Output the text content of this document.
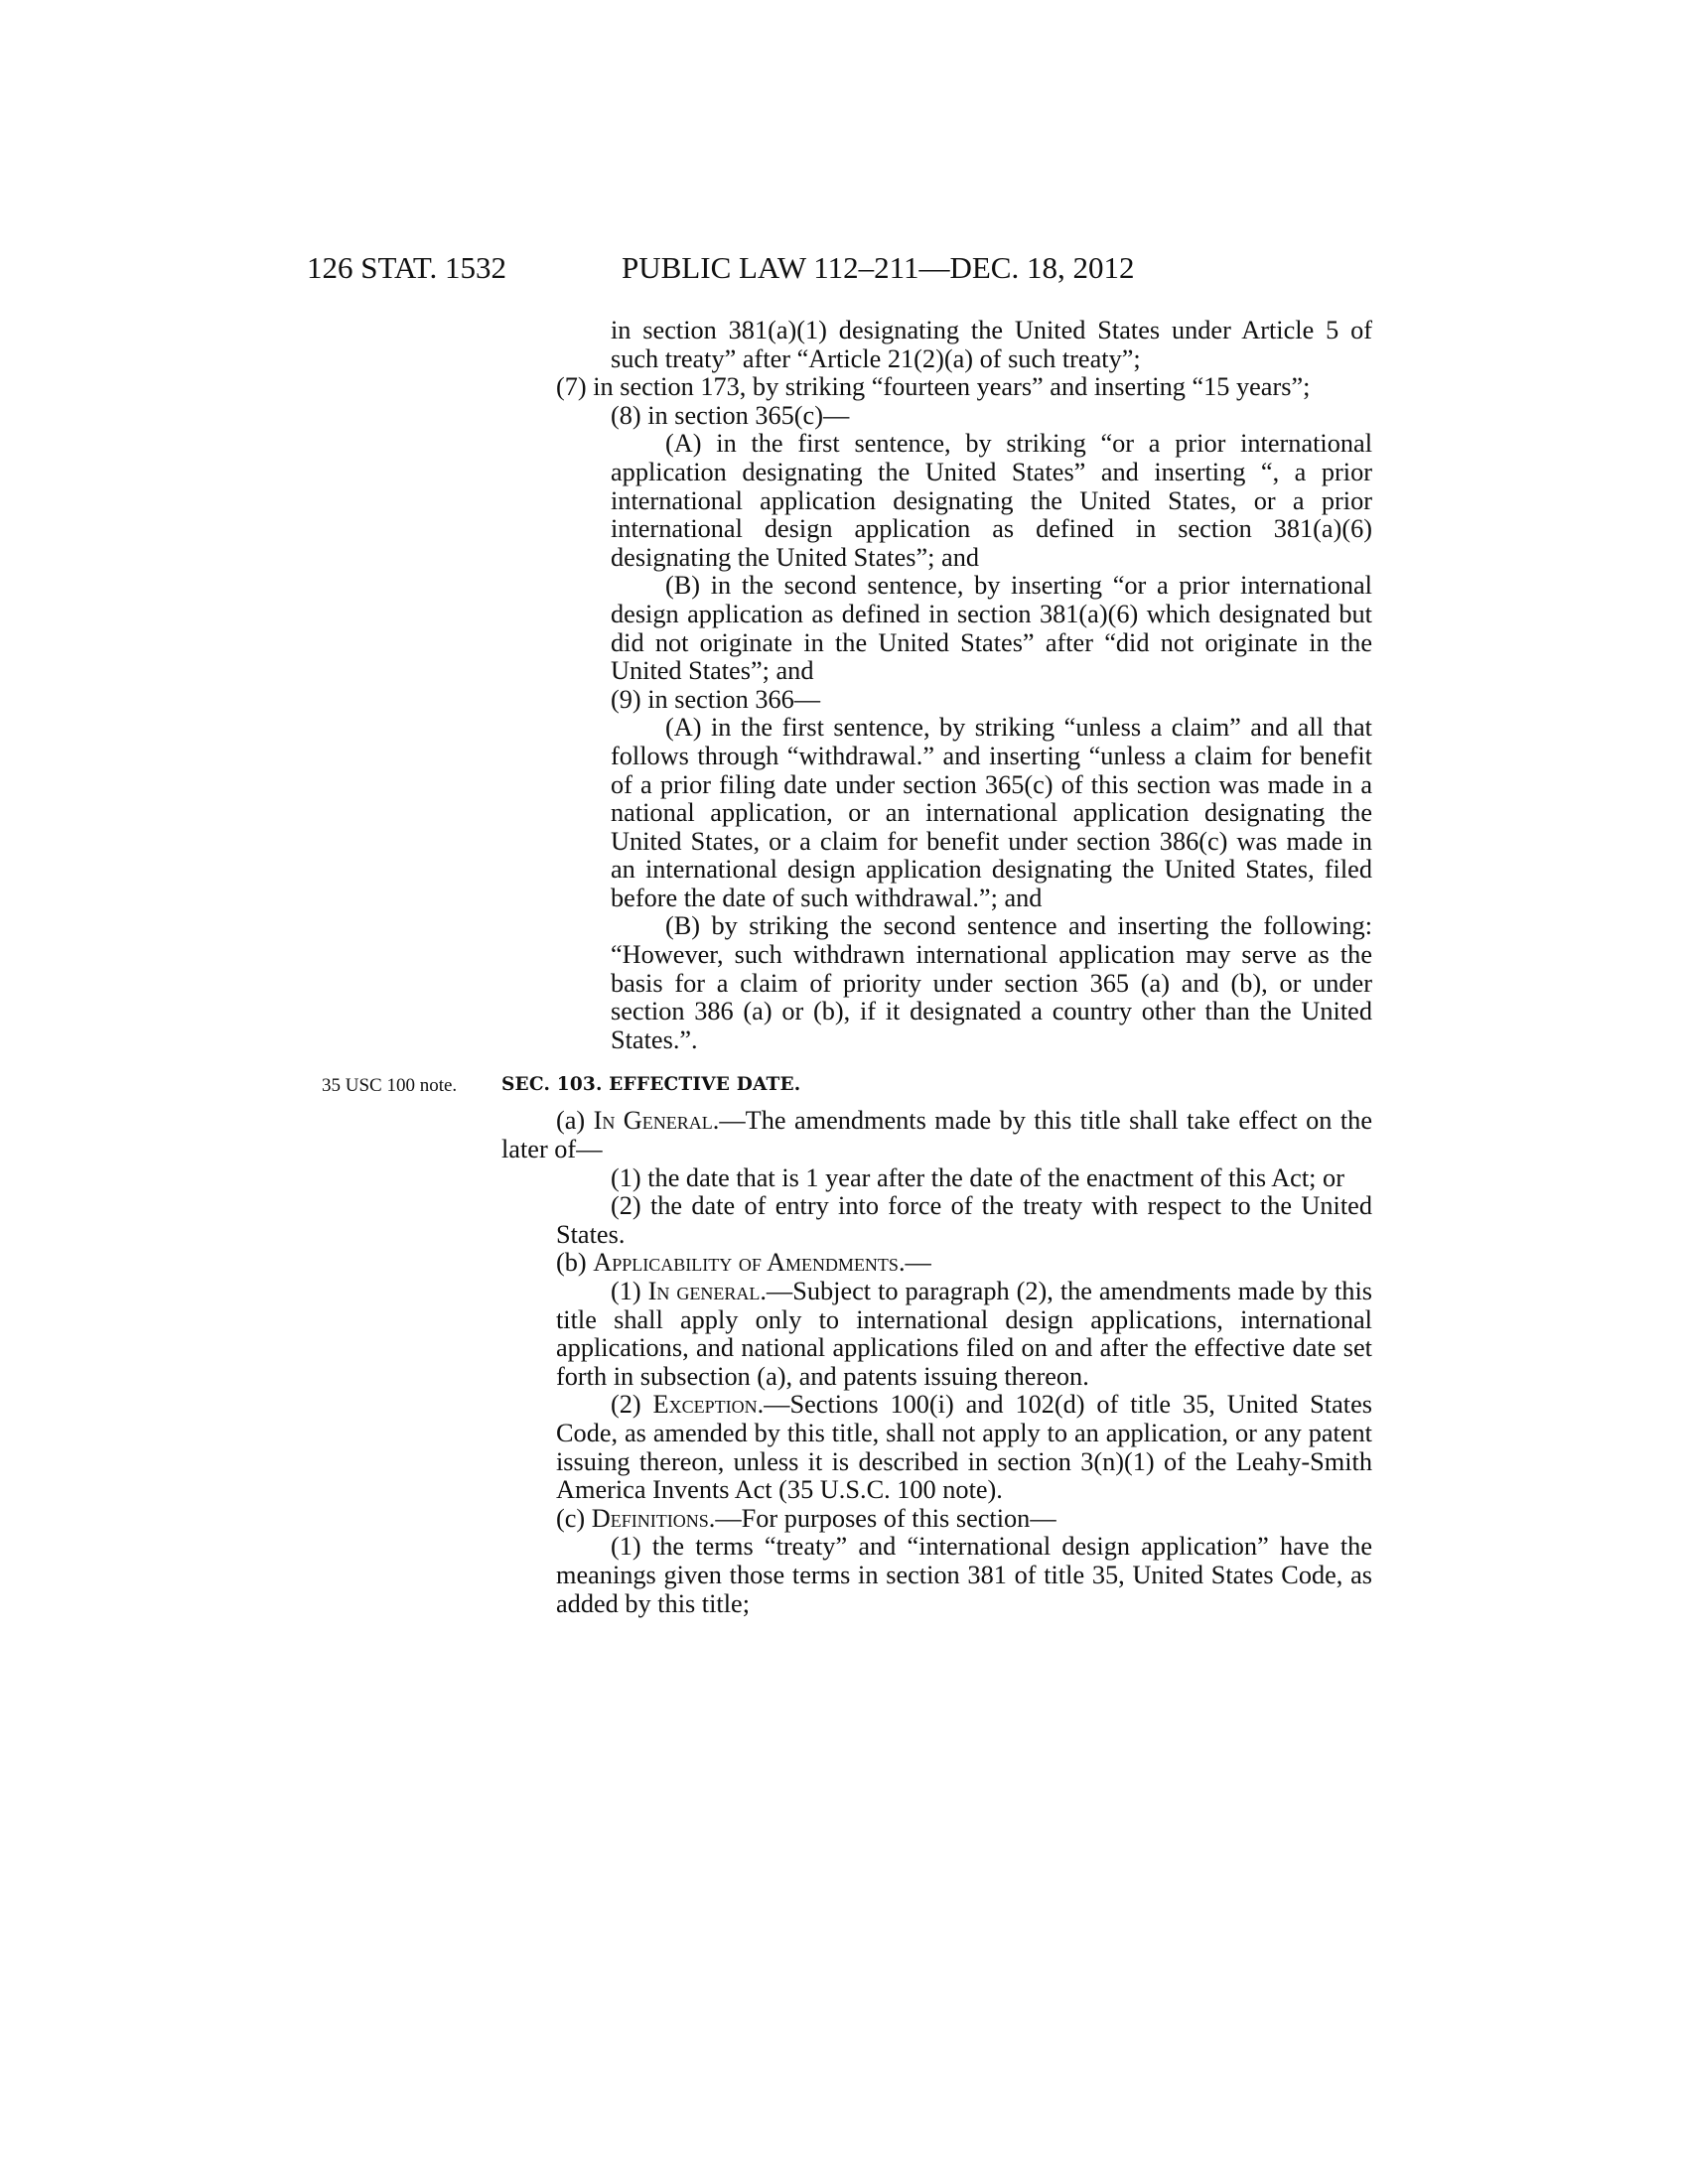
126 STAT. 1532	PUBLIC LAW 112–211—DEC. 18, 2012

in section 381(a)(1) designating the United States under Article 5 of such treaty” after “Article 21(2)(a) of such treaty”;

(7) in section 173, by striking “fourteen years” and inserting “15 years”;

(8) in section 365(c)—

(A) in the first sentence, by striking “or a prior international application designating the United States” and inserting “, a prior international application designating the United States, or a prior international design application as defined in section 381(a)(6) designating the United States”; and

(B) in the second sentence, by inserting “or a prior international design application as defined in section 381(a)(6) which designated but did not originate in the United States” after “did not originate in the United States”; and

(9) in section 366—

(A) in the first sentence, by striking “unless a claim” and all that follows through “withdrawal.” and inserting “unless a claim for benefit of a prior filing date under section 365(c) of this section was made in a national application, or an international application designating the United States, or a claim for benefit under section 386(c) was made in an international design application designating the United States, filed before the date of such withdrawal.”; and

(B) by striking the second sentence and inserting the following: “However, such withdrawn international application may serve as the basis for a claim of priority under section 365 (a) and (b), or under section 386 (a) or (b), if it designated a country other than the United States.”.

35 USC 100 note. SEC. 103. EFFECTIVE DATE.

(a) In General.—The amendments made by this title shall take effect on the later of—

(1) the date that is 1 year after the date of the enactment of this Act; or

(2) the date of entry into force of the treaty with respect to the United States.

(b) Applicability of Amendments.—

(1) In general.—Subject to paragraph (2), the amendments made by this title shall apply only to international design applications, international applications, and national applications filed on and after the effective date set forth in subsection (a), and patents issuing thereon.

(2) Exception.—Sections 100(i) and 102(d) of title 35, United States Code, as amended by this title, shall not apply to an application, or any patent issuing thereon, unless it is described in section 3(n)(1) of the Leahy-Smith America Invents Act (35 U.S.C. 100 note).

(c) Definitions.—For purposes of this section—

(1) the terms “treaty” and “international design application” have the meanings given those terms in section 381 of title 35, United States Code, as added by this title;
